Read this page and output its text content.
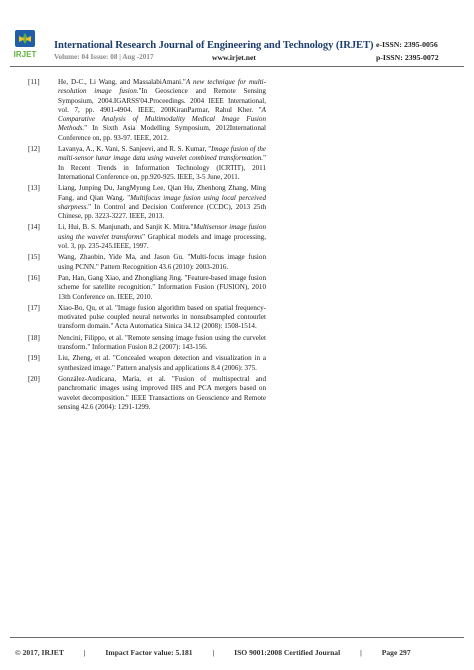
IRJET
International Research Journal of Engineering and Technology (IRJET)
Volume: 04 Issue: 08 | Aug -2017	www.irjet.net
e-ISSN: 2395-0056
p-ISSN: 2395-0072
[11]	He, D-C., Li Wang, and MassalabiAmani."A new technique for multi-resolution image fusion."In Geoscience and Remote Sensing Symposium, 2004.IGARSS'04.Proceedings. 2004 IEEE International, vol. 7, pp. 4901-4904. IEEE, 200KiranParmar, Rahul Kher. "A Comparative Analysis of Multimodality Medical Image Fusion Methods." In Sixth Asia Modelling Symposium, 2012International Conference on, pp. 93-97. IEEE, 2012.
[12]	Lavanya, A., K. Vani, S. Sanjeevi, and R. S. Kumar, "Image fusion of the multi-sensor lunar image data using wavelet combined transformation." In Recent Trends in Information Technology (ICRTIT), 2011 International Conference on, pp.920-925. IEEE, 3-5 June, 2011.
[13]	Liang, Junping Du, JangMyung Lee, Qian Hu, Zhenhong Zhang, Ming Fang, and Qian Wang. "Multifocus image fusion using local perceived sharpness." In Control and Decision Conference (CCDC), 2013 25th Chinese, pp. 3223-3227. IEEE, 2013.
[14]	Li, Hui, B. S. Manjunath, and Sanjit K. Mitra."Multisensor image fusion using the wavelet transforms" Graphical models and image processing, vol. 3, pp. 235-245.IEEE, 1997.
[15]	Wang, Zhaobin, Yide Ma, and Jason Gu. "Multi-focus image fusion using PCNN." Pattern Recognition 43.6 (2010): 2003-2016.
[16]	Pan, Han, Gang Xiao, and Zhongliang Jing. "Feature-based image fusion scheme for satellite recognition." Information Fusion (FUSION), 2010 13th Conference on. IEEE, 2010.
[17]	Xiao-Bo, Qu, et al. "Image fusion algorithm based on spatial frequency-motivated pulse coupled neural networks in nonsubsampled contourlet transform domain." Acta Automatica Sinica 34.12 (2008): 1508-1514.
[18]	Nencini, Filippo, et al. "Remote sensing image fusion using the curvelet transform." Information Fusion 8.2 (2007): 143-156.
[19]	Liu, Zheng, et al. "Concealed weapon detection and visualization in a synthesized image." Pattern analysis and applications 8.4 (2006): 375.
[20]	González-Audícana, María, et al. "Fusion of multispectral and panchromatic images using improved IHS and PCA mergers based on wavelet decomposition." IEEE Transactions on Geoscience and Remote sensing 42.6 (2004): 1291-1299.
© 2017, IRJET	|	Impact Factor value: 5.181	|	ISO 9001:2008 Certified Journal	|	Page 297
